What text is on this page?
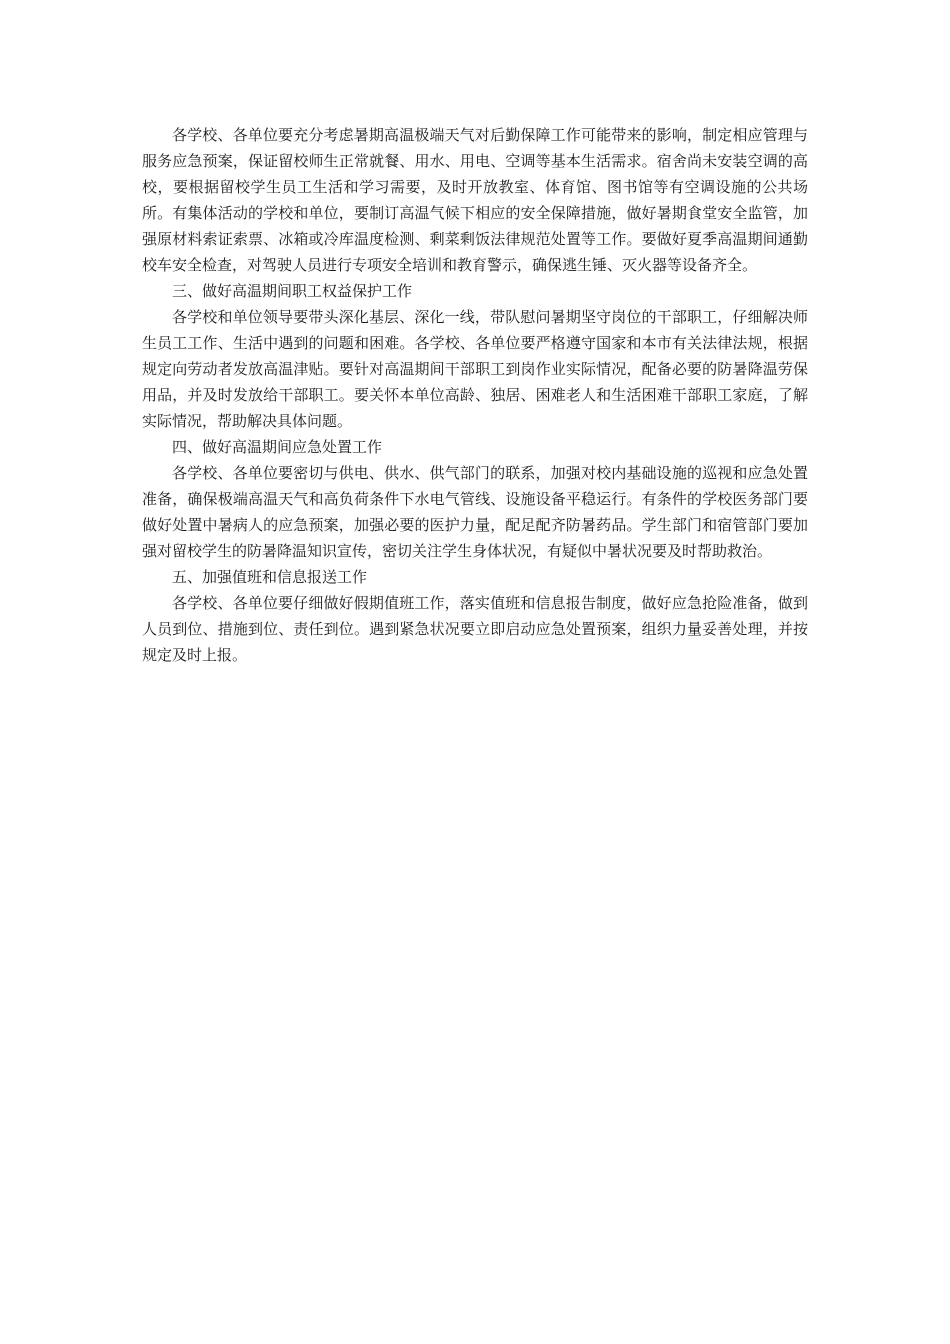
各学校、各单位要充分考虑暑期高温极端天气对后勤保障工作可能带来的影响，制定相应管理与服务应急预案，保证留校师生正常就餐、用水、用电、空调等基本生活需求。宿舍尚未安装空调的高校，要根据留校学生员工生活和学习需要，及时开放教室、体育馆、图书馆等有空调设施的公共场所。有集体活动的学校和单位，要制订高温气候下相应的安全保障措施，做好暑期食堂安全监管，加强原材料索证索票、冰箱或冷库温度检测、剩菜剩饭法律规范处置等工作。要做好夏季高温期间通勤校车安全检查，对驾驶人员进行专项安全培训和教育警示，确保逃生锤、灭火器等设备齐全。

三、做好高温期间职工权益保护工作

各学校和单位领导要带头深化基层、深化一线，带队慰问暑期坚守岗位的干部职工，仔细解决师生员工工作、生活中遇到的问题和困难。各学校、各单位要严格遵守国家和本市有关法律法规，根据规定向劳动者发放高温津贴。要针对高温期间干部职工到岗作业实际情况，配备必要的防暑降温劳保用品，并及时发放给干部职工。要关怀本单位高龄、独居、困难老人和生活困难干部职工家庭，了解实际情况，帮助解决具体问题。

四、做好高温期间应急处置工作

各学校、各单位要密切与供电、供水、供气部门的联系，加强对校内基础设施的巡视和应急处置准备，确保极端高温天气和高负荷条件下水电气管线、设施设备平稳运行。有条件的学校医务部门要做好处置中暑病人的应急预案，加强必要的医护力量，配足配齐防暑药品。学生部门和宿管部门要加强对留校学生的防暑降温知识宣传，密切关注学生身体状况，有疑似中暑状况要及时帮助救治。

五、加强值班和信息报送工作

各学校、各单位要仔细做好假期值班工作，落实值班和信息报告制度，做好应急抢险准备，做到人员到位、措施到位、责任到位。遇到紧急状况要立即启动应急处置预案，组织力量妥善处理，并按规定及时上报。
